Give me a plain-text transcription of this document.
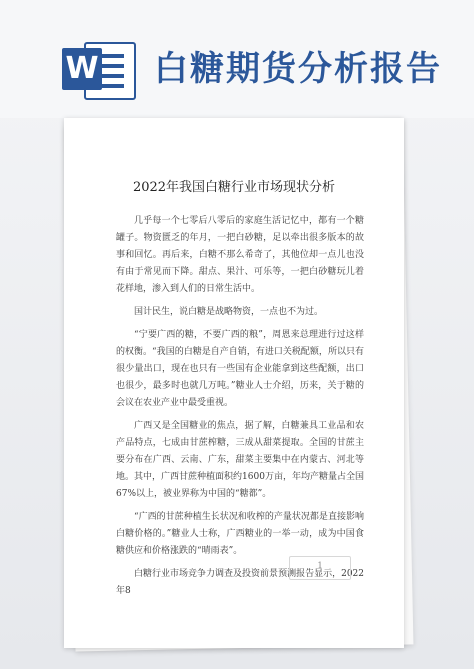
W 白糖期货分析报告
2022年我国白糖行业市场现状分析

几乎每一个七零后八零后的家庭生活记忆中，都有一个糖罐子。物资匮乏的年月，一把白砂糖，足以牵出很多版本的故事和回忆。再后来，白糖不那么希奇了，其他位却一点儿也没有由于常见而下降。甜点、果汁、可乐等，一把白砂糖玩儿着花样地，渗入到人们的日常生活中。

国计民生，说白糖是战略物资，一点也不为过。

“宁要广西的糖，不要广西的粮”，周恩来总理进行过这样的权衡。“我国的白糖是自产自销，有进口关税配额，所以只有很少量出口，现在也只有一些国有企业能拿到这些配额，出口也很少，最多时也就几万吨。”糖业人士介绍，历来，关于糖的会议在农业产业中最受重视。

广西又是全国糖业的焦点，据了解，白糖兼具工业品和农产品特点，七成由甘蔗榨糖，三成从甜菜提取。全国的甘蔗主要分布在广西、云南、广东，甜菜主要集中在内蒙古、河北等地。其中，广西甘蔗种植面积约1600万亩，年均产糖量占全国67%以上，被业界称为中国的“糖都”。

“广西的甘蔗种植生长状况和收榨的产量状况都是直接影响白糖价格的。”糖业人士称，广西糖业的一举一动，成为中国食糖供应和价格涨跌的“晴雨表”。

白糖行业市场竞争力调查及投资前景预测报告显示，2022年8

1
